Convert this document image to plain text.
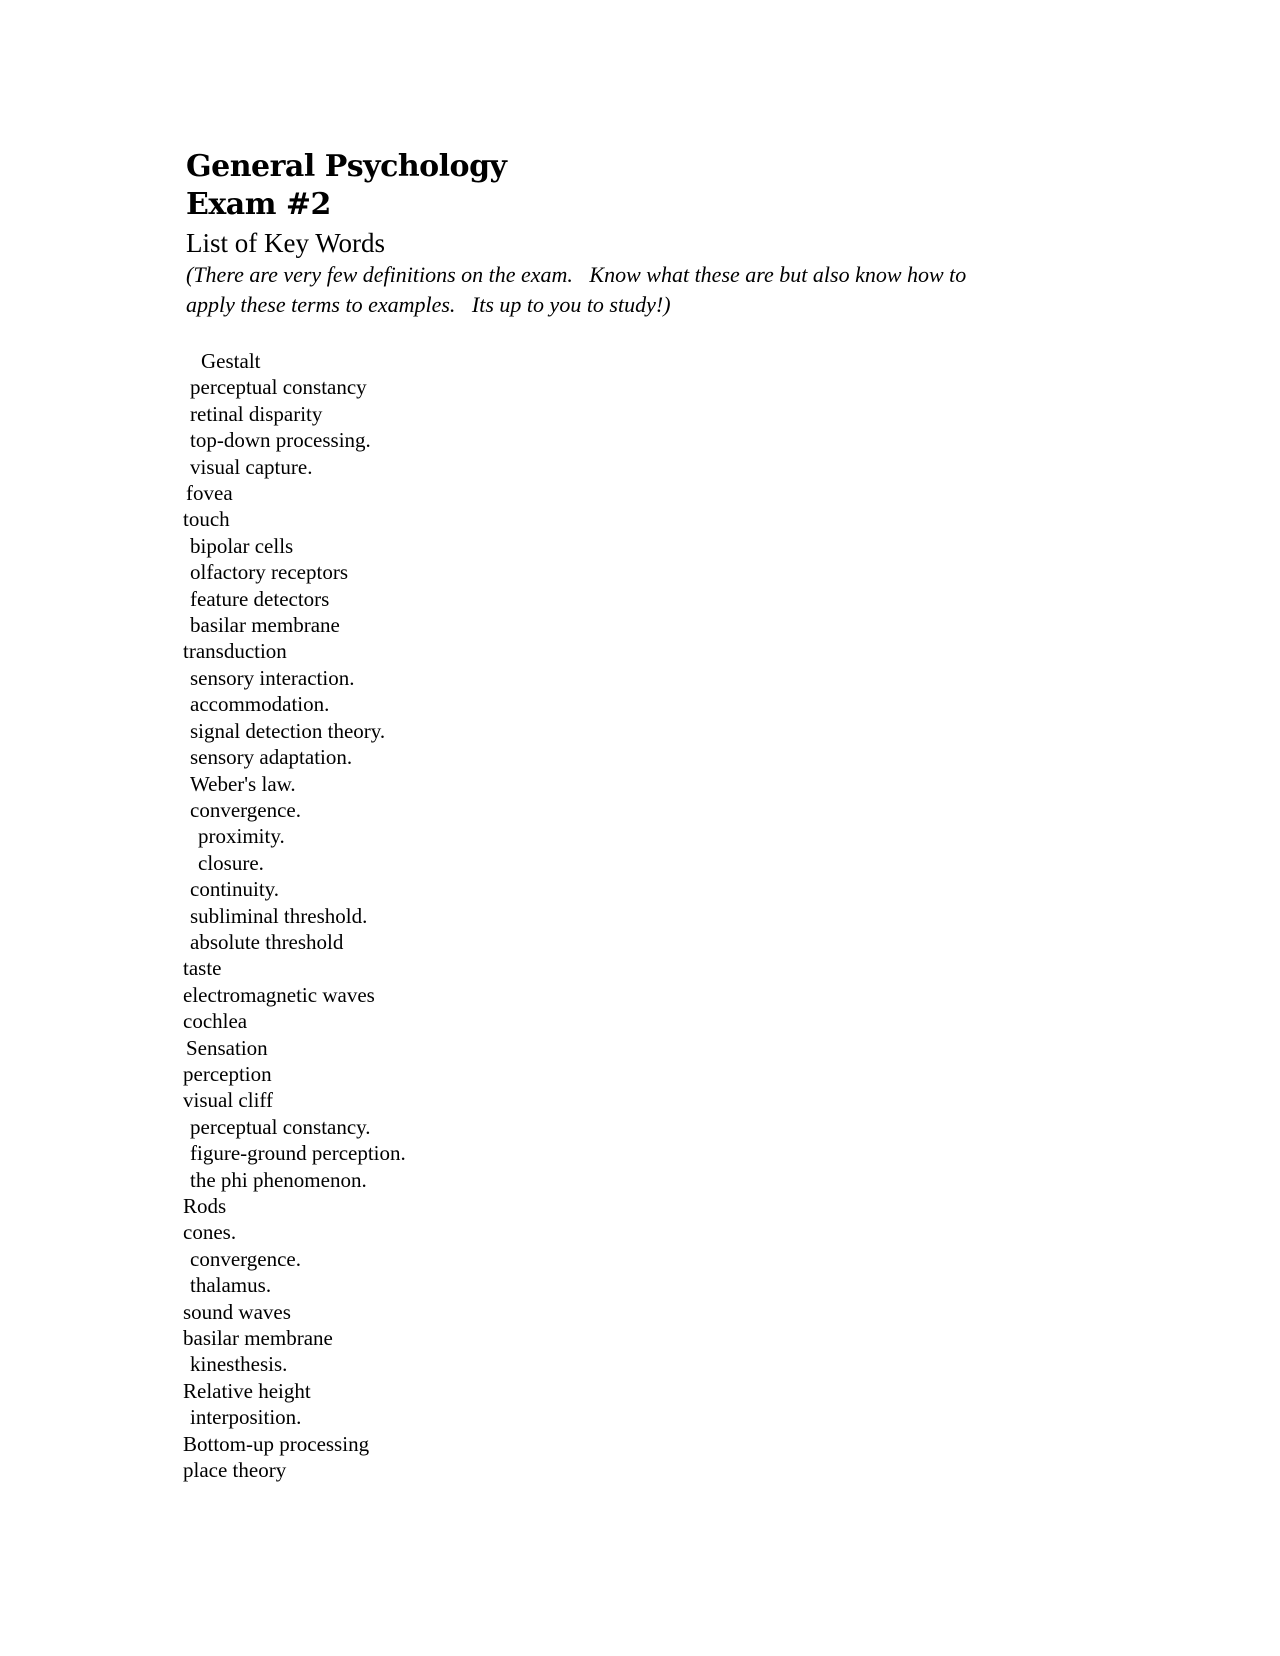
General Psychology
Exam #2
List of Key Words
(There are very few definitions on the exam.   Know what these are but also know how to
apply these terms to examples.   Its up to you to study!)
Gestalt
perceptual constancy
retinal disparity
top-down processing.
visual capture.
fovea
touch
bipolar cells
olfactory receptors
feature detectors
basilar membrane
transduction
sensory interaction.
accommodation.
signal detection theory.
sensory adaptation.
Weber's law.
convergence.
proximity.
closure.
continuity.
subliminal threshold.
absolute threshold
taste
electromagnetic waves
cochlea
Sensation
perception
visual cliff
perceptual constancy.
figure-ground perception.
the phi phenomenon.
Rods
cones.
convergence.
thalamus.
sound waves
basilar membrane
kinesthesis.
Relative height
interposition.
Bottom-up processing
place theory
